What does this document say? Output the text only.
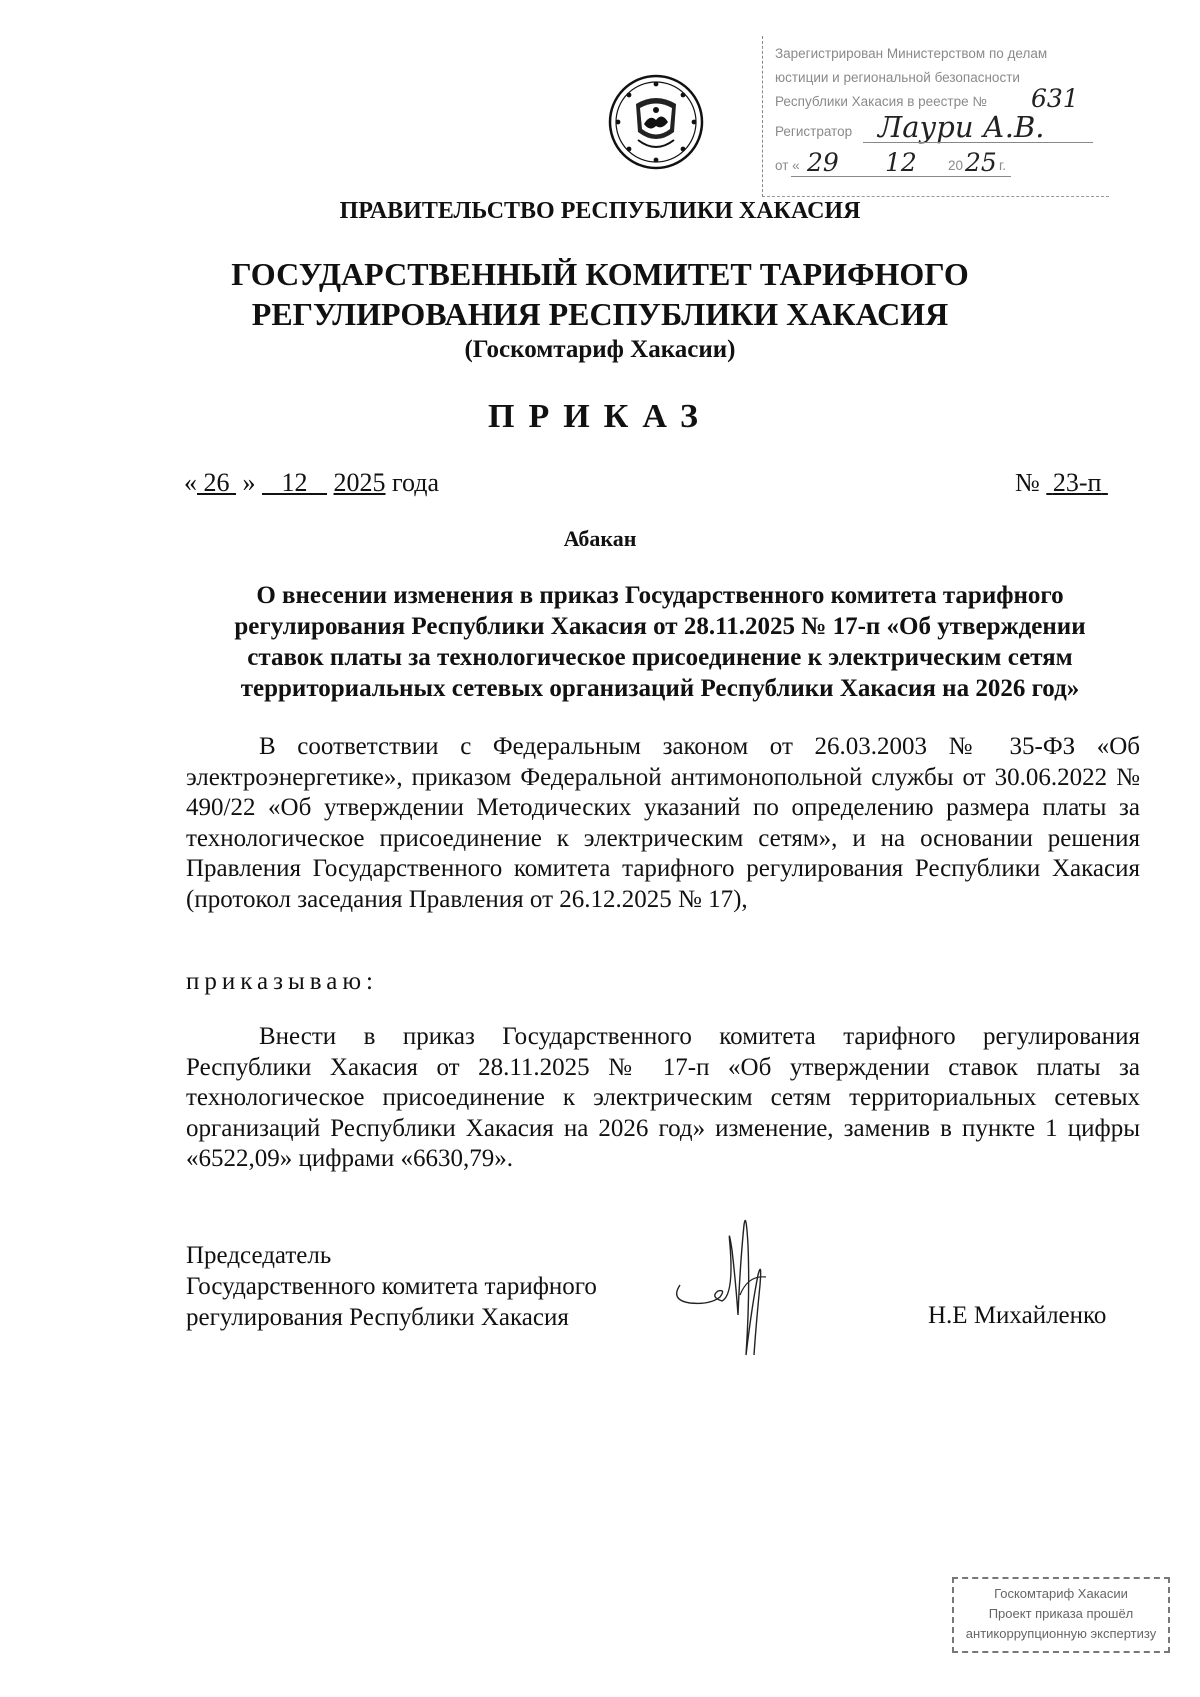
Зарегистрирован Министерством по делам
юстиции и региональной безопасности
Республики Хакасия в реестре № 631
Регистратор Лаури А.В.
от « 29 12 20 25 г.
ПРАВИТЕЛЬСТВО РЕСПУБЛИКИ ХАКАСИЯ
ГОСУДАРСТВЕННЫЙ КОМИТЕТ ТАРИФНОГО
РЕГУЛИРОВАНИЯ РЕСПУБЛИКИ ХАКАСИЯ
(Госкомтариф Хакасии)
ПРИКАЗ
« 26 » 12 2025 года	№ 23-п
Абакан
О внесении изменения в приказ Государственного комитета тарифного
регулирования Республики Хакасия от 28.11.2025 № 17-п «Об утверждении
ставок платы за технологическое присоединение к электрическим сетям
территориальных сетевых организаций Республики Хакасия на 2026 год»
В соответствии с Федеральным законом от 26.03.2003 № 35-ФЗ «Об электроэнергетике», приказом Федеральной антимонопольной службы от 30.06.2022 № 490/22 «Об утверждении Методических указаний по определению размера платы за технологическое присоединение к электрическим сетям», и на основании решения Правления Государственного комитета тарифного регулирования Республики Хакасия (протокол заседания Правления от 26.12.2025 № 17),
приказываю:
Внести в приказ Государственного комитета тарифного регулирования Республики Хакасия от 28.11.2025 № 17-п «Об утверждении ставок платы за технологическое присоединение к электрическим сетям территориальных сетевых организаций Республики Хакасия на 2026 год» изменение, заменив в пункте 1 цифры «6522,09» цифрами «6630,79».
Председатель
Государственного комитета тарифного
регулирования Республики Хакасия	Н.Е Михайленко
Госкомтариф Хакасии
Проект приказа прошёл
антикоррупционную экспертизу
